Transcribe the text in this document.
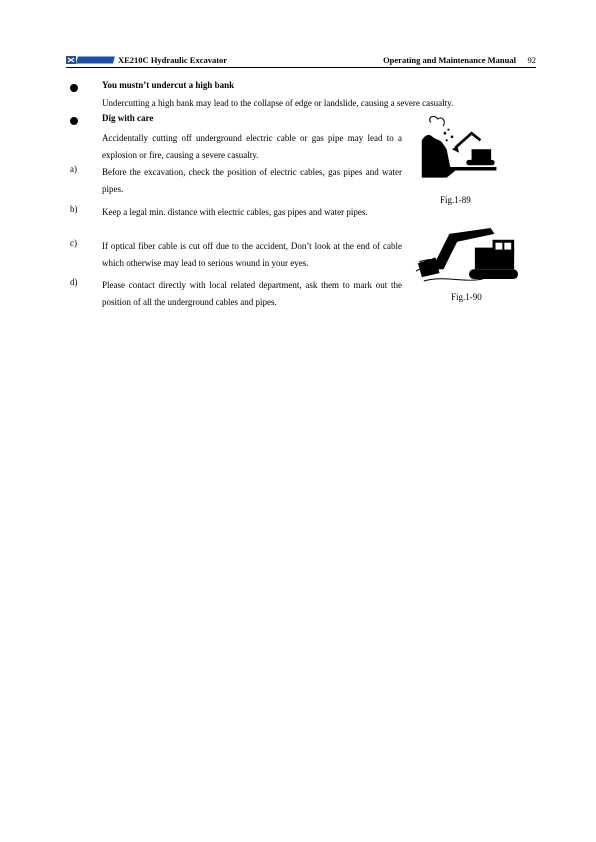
XE210C Hydraulic Excavator	Operating and Maintenance Manual 92
You mustn’t undercut a high bank
Undercutting a high bank may lead to the collapse of edge or landslide, causing a severe casualty.
Dig with care
Accidentally cutting off underground electric cable or gas pipe may lead to a explosion or fire, causing a severe casualty.
a)	Before the excavation, check the position of electric cables, gas pipes and water pipes.
b)	Keep a legal min. distance with electric cables, gas pipes and water pipes.
c)	If optical fiber cable is cut off due to the accident, Don’t look at the end of cable which otherwise may lead to serious wound in your eyes.
d)	Please contact directly with local related department, ask them to mark out the position of all the underground cables and pipes.
Fig.1-89
Fig.1-90
